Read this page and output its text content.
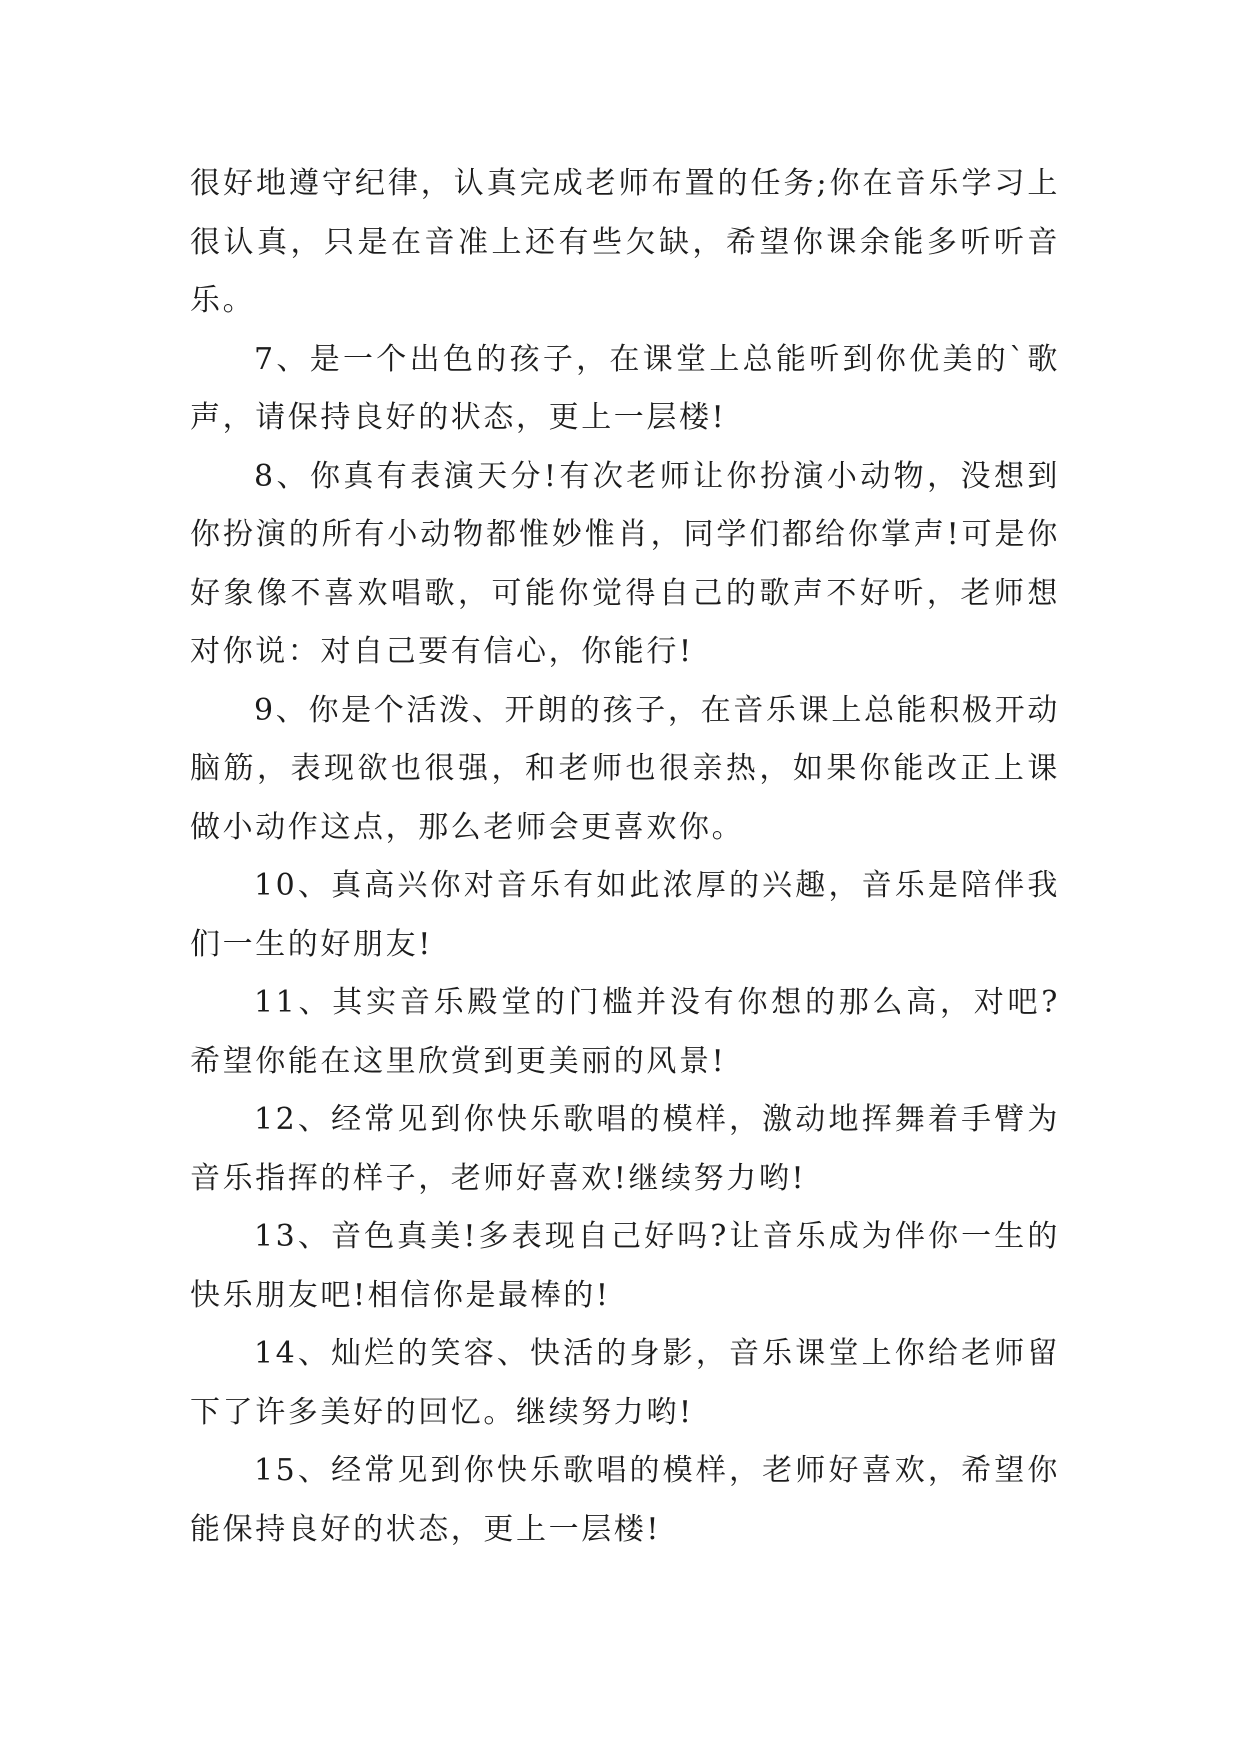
很好地遵守纪律，认真完成老师布置的任务;你在音乐学习上很认真，只是在音准上还有些欠缺，希望你课余能多听听音乐。

7、是一个出色的孩子，在课堂上总能听到你优美的`歌声，请保持良好的状态，更上一层楼!

8、你真有表演天分!有次老师让你扮演小动物，没想到你扮演的所有小动物都惟妙惟肖，同学们都给你掌声!可是你好象像不喜欢唱歌，可能你觉得自己的歌声不好听，老师想对你说：对自己要有信心，你能行!

9、你是个活泼、开朗的孩子，在音乐课上总能积极开动脑筋，表现欲也很强，和老师也很亲热，如果你能改正上课做小动作这点，那么老师会更喜欢你。

10、真高兴你对音乐有如此浓厚的兴趣，音乐是陪伴我们一生的好朋友!

11、其实音乐殿堂的门槛并没有你想的那么高，对吧?希望你能在这里欣赏到更美丽的风景!

12、经常见到你快乐歌唱的模样，激动地挥舞着手臂为音乐指挥的样子，老师好喜欢!继续努力哟!

13、音色真美!多表现自己好吗?让音乐成为伴你一生的快乐朋友吧!相信你是最棒的!

14、灿烂的笑容、快活的身影，音乐课堂上你给老师留下了许多美好的回忆。继续努力哟!

15、经常见到你快乐歌唱的模样，老师好喜欢，希望你能保持良好的状态，更上一层楼!
